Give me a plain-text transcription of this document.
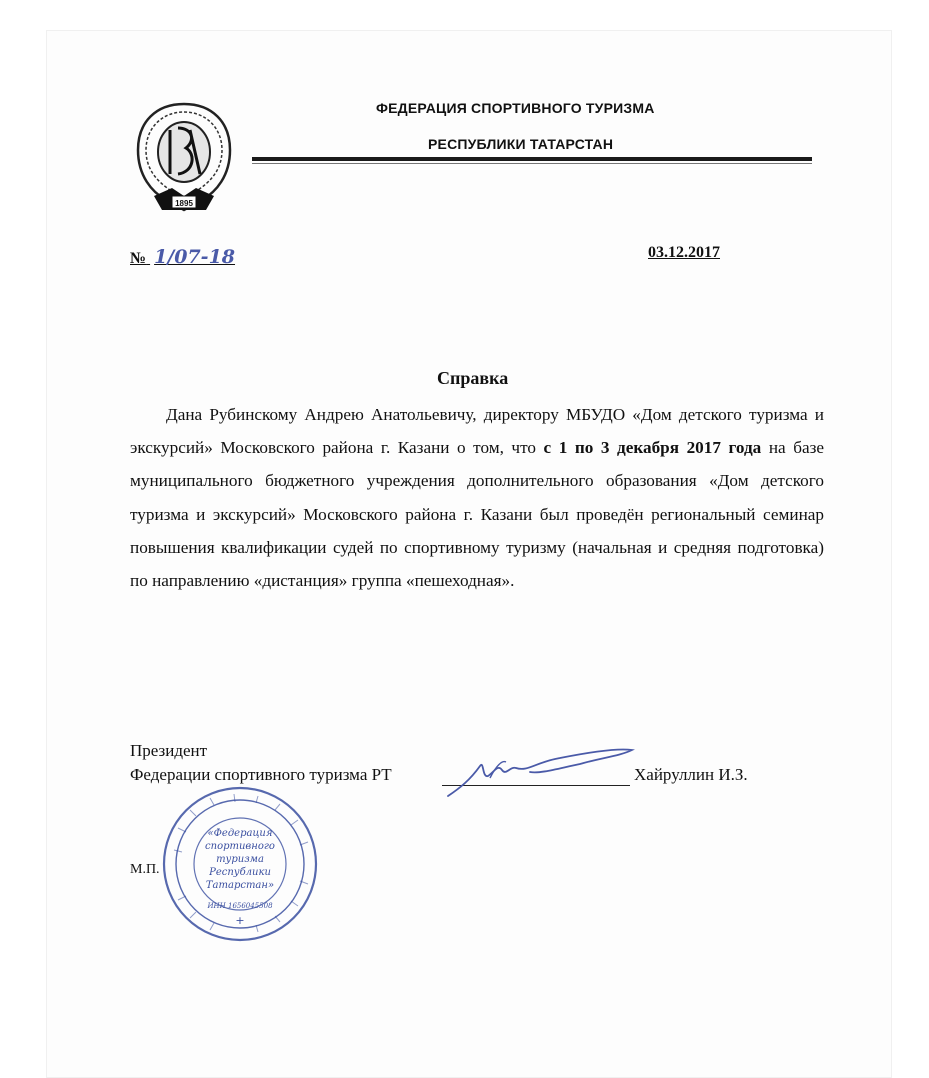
1895
ФЕДЕРАЦИЯ СПОРТИВНОГО ТУРИЗМА
РЕСПУБЛИКИ ТАТАРСТАН
№ 1/07-18	03.12.2017
Справка
Дана Рубинскому Андрею Анатольевичу, директору МБУДО «Дом детского туризма и экскурсий» Московского района г. Казани о том, что с 1 по 3 декабря 2017 года на базе муниципального бюджетного учреждения дополнительного образования «Дом детского туризма и экскурсий» Московского района г. Казани был проведён региональный семинар повышения квалификации судей по спортивному туризму (начальная и средняя подготовка) по направлению «дистанция» группа «пешеходная».
Президент
Федерации спортивного туризма РТ	Хайруллин И.З.
М.П.
«Федерация
спортивного
туризма
Республики
Татарстан»
ИНН 1656045508
+
